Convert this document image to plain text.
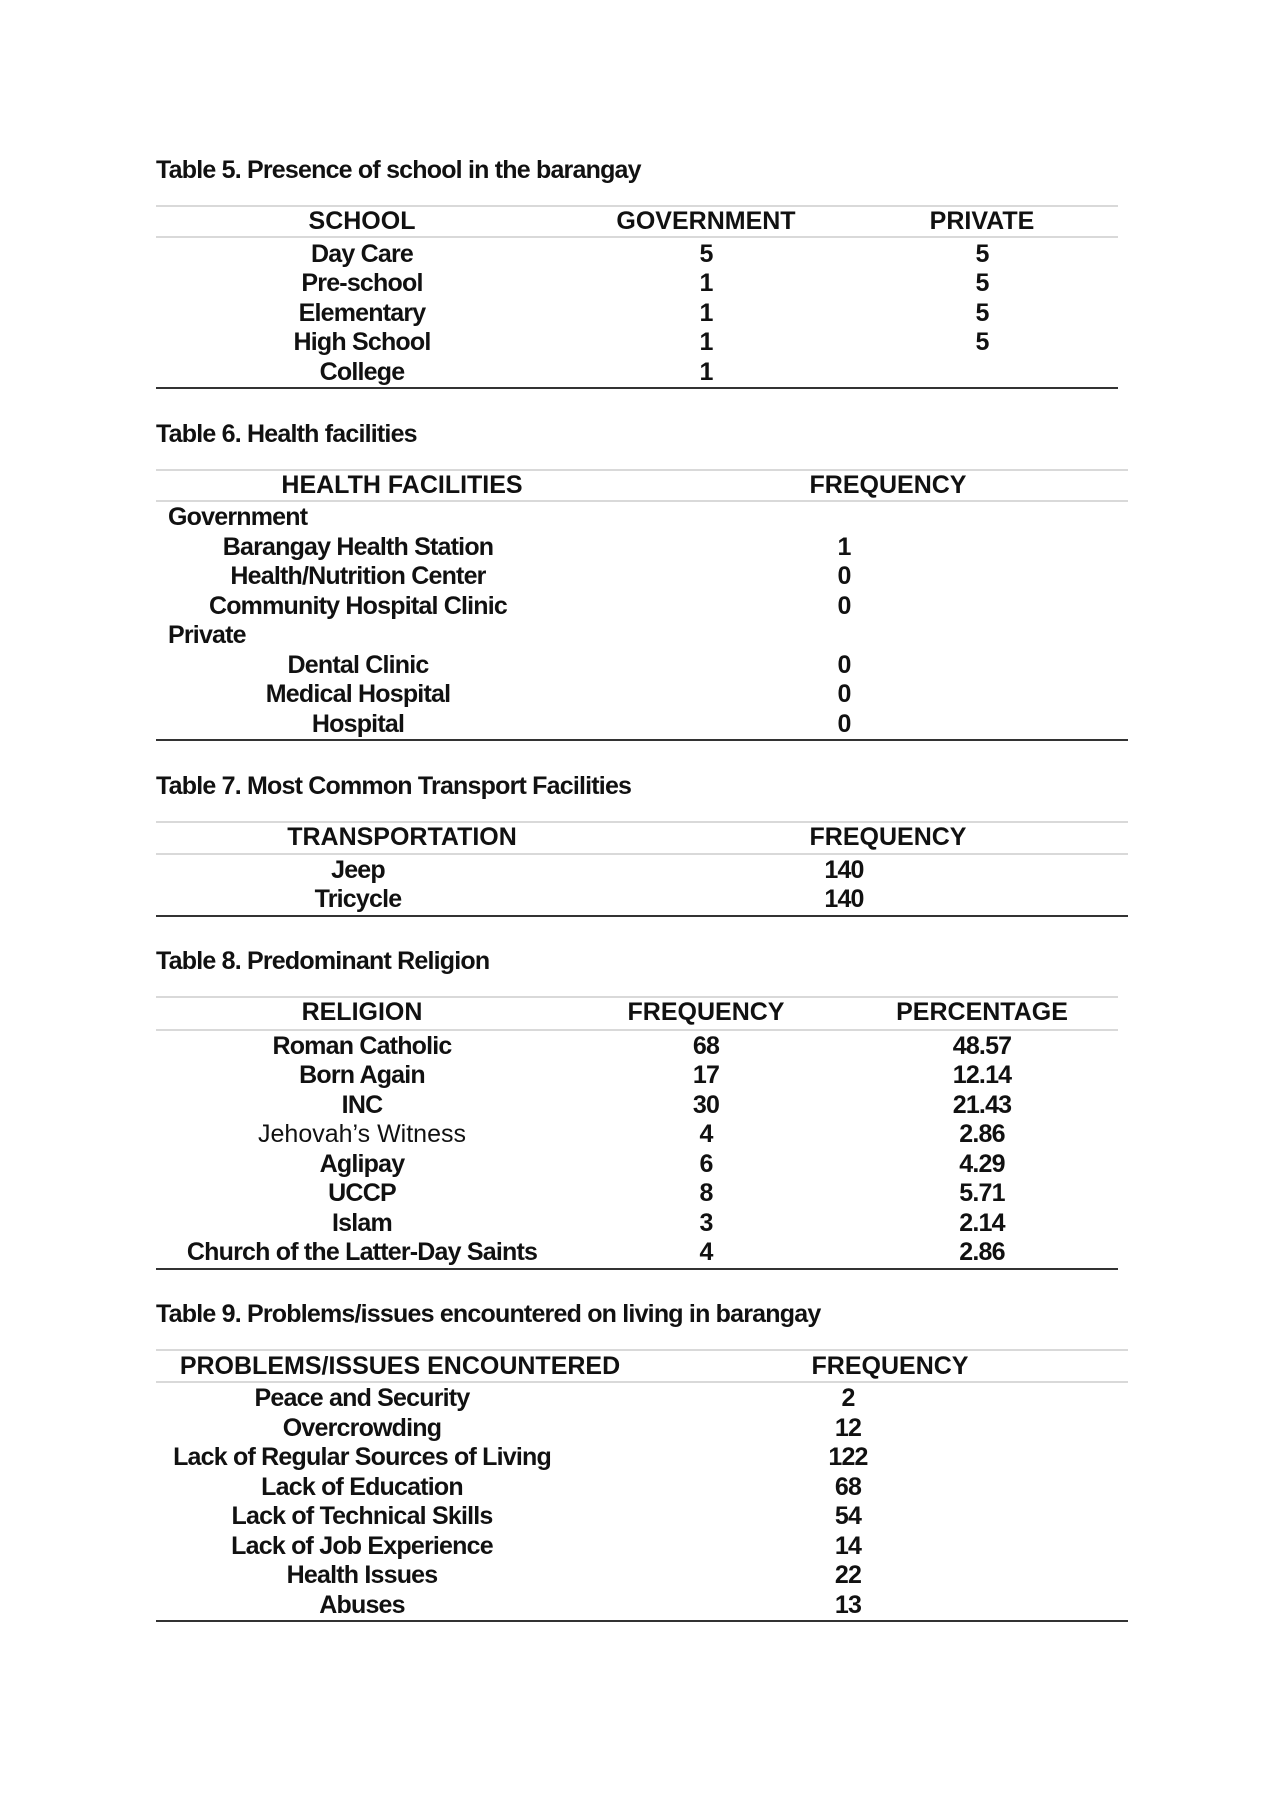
Table 5. Presence of school in the barangay
SCHOOL	GOVERNMENT	PRIVATE
Day Care	5	5
Pre-school	1	5
Elementary	1	5
High School	1	5
College	1
Table 6. Health facilities
HEALTH FACILITIES	FREQUENCY
Government
Barangay Health Station	1
Health/Nutrition Center	0
Community Hospital Clinic	0
Private
Dental Clinic	0
Medical Hospital	0
Hospital	0
Table 7. Most Common Transport Facilities
TRANSPORTATION	FREQUENCY
Jeep	140
Tricycle	140
Table 8. Predominant Religion
RELIGION	FREQUENCY	PERCENTAGE
Roman Catholic	68	48.57
Born Again	17	12.14
INC	30	21.43
Jehovah’s Witness	4	2.86
Aglipay	6	4.29
UCCP	8	5.71
Islam	3	2.14
Church of the Latter-Day Saints	4	2.86
Table 9. Problems/issues encountered on living in barangay
PROBLEMS/ISSUES ENCOUNTERED	FREQUENCY
Peace and Security	2
Overcrowding	12
Lack of Regular Sources of Living	122
Lack of Education	68
Lack of Technical Skills	54
Lack of Job Experience	14
Health Issues	22
Abuses	13
